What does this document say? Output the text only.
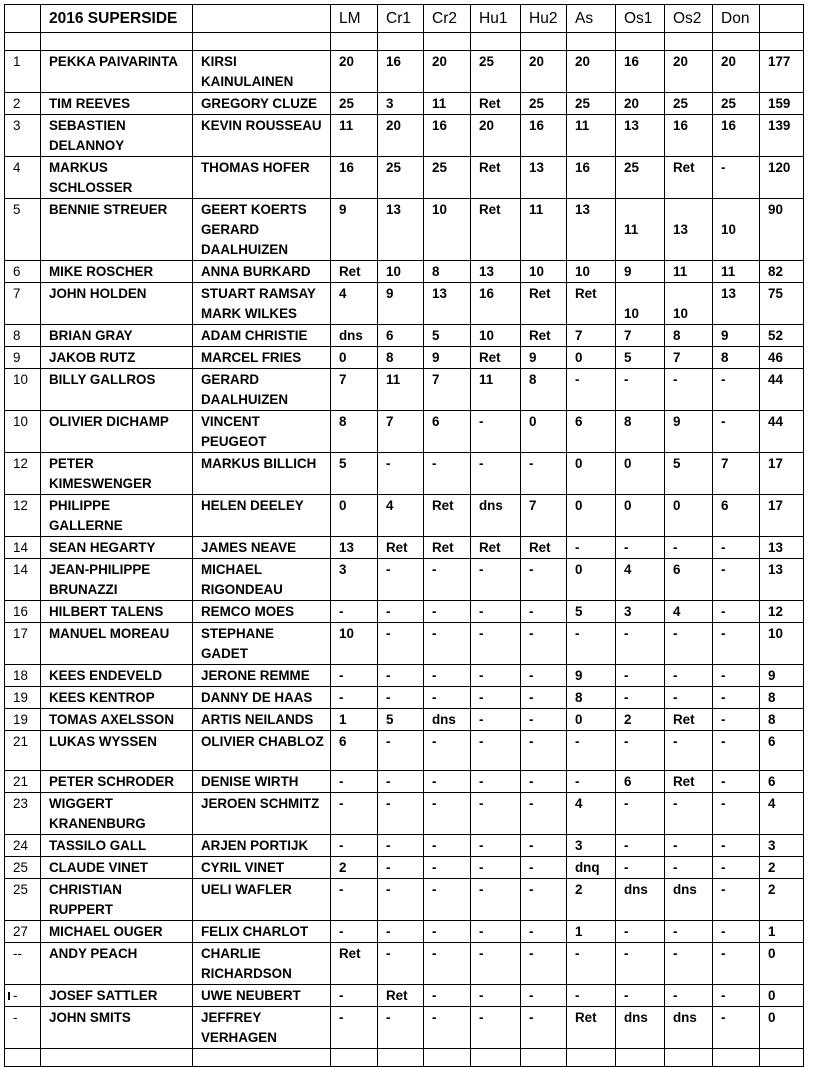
	2016 SUPERSIDE		LM	Cr1	Cr2	Hu1	Hu2	As	Os1	Os2	Don	

1	PEKKA PAIVARINTA	KIRSI KAINULAINEN	20	16	20	25	20	20	16	20	20	177
2	TIM REEVES	GREGORY CLUZE	25	3	11	Ret	25	25	20	25	25	159
3	SEBASTIEN DELANNOY	KEVIN ROUSSEAU	11	20	16	20	16	11	13	16	16	139
4	MARKUS SCHLOSSER	THOMAS HOFER	16	25	25	Ret	13	16	25	Ret	-	120
5	BENNIE STREUER	GEERT KOERTS GERARD DAALHUIZEN	9	13	10	Ret	11	13	11	13	10	90
6	MIKE ROSCHER	ANNA BURKARD	Ret	10	8	13	10	10	9	11	11	82
7	JOHN HOLDEN	STUART RAMSAY MARK WILKES	4	9	13	16	Ret	Ret	10	10	13	75
8	BRIAN GRAY	ADAM CHRISTIE	dns	6	5	10	Ret	7	7	8	9	52
9	JAKOB RUTZ	MARCEL FRIES	0	8	9	Ret	9	0	5	7	8	46
10	BILLY GALLROS	GERARD DAALHUIZEN	7	11	7	11	8	-	-	-	-	44
10	OLIVIER DICHAMP	VINCENT PEUGEOT	8	7	6	-	0	6	8	9	-	44
12	PETER KIMESWENGER	MARKUS BILLICH	5	-	-	-	-	0	0	5	7	17
12	PHILIPPE GALLERNE	HELEN DEELEY	0	4	Ret	dns	7	0	0	0	6	17
14	SEAN HEGARTY	JAMES NEAVE	13	Ret	Ret	Ret	Ret	-	-	-	-	13
14	JEAN-PHILIPPE BRUNAZZI	MICHAEL RIGONDEAU	3	-	-	-	-	0	4	6	-	13
16	HILBERT TALENS	REMCO MOES	-	-	-	-	-	5	3	4	-	12
17	MANUEL MOREAU	STEPHANE GADET	10	-	-	-	-	-	-	-	-	10
18	KEES ENDEVELD	JERONE REMME	-	-	-	-	-	9	-	-	-	9
19	KEES KENTROP	DANNY DE HAAS	-	-	-	-	-	8	-	-	-	8
19	TOMAS AXELSSON	ARTIS NEILANDS	1	5	dns	-	-	0	2	Ret	-	8
21	LUKAS WYSSEN	OLIVIER CHABLOZ	6	-	-	-	-	-	-	-	-	6
21	PETER SCHRODER	DENISE WIRTH	-	-	-	-	-	-	6	Ret	-	6
23	WIGGERT KRANENBURG	JEROEN SCHMITZ	-	-	-	-	-	4	-	-	-	4
24	TASSILO GALL	ARJEN PORTIJK	-	-	-	-	-	3	-	-	-	3
25	CLAUDE VINET	CYRIL VINET	2	-	-	-	-	dnq	-	-	-	2
25	CHRISTIAN RUPPERT	UELI WAFLER	-	-	-	-	-	2	dns	dns	-	2
27	MICHAEL OUGER	FELIX CHARLOT	-	-	-	-	-	1	-	-	-	1
--	ANDY PEACH	CHARLIE RICHARDSON	Ret	-	-	-	-	-	-	-	-	0
-	JOSEF SATTLER	UWE NEUBERT	-	Ret	-	-	-	-	-	-	-	0
-	JOHN SMITS	JEFFREY VERHAGEN	-	-	-	-	-	Ret	dns	dns	-	0
